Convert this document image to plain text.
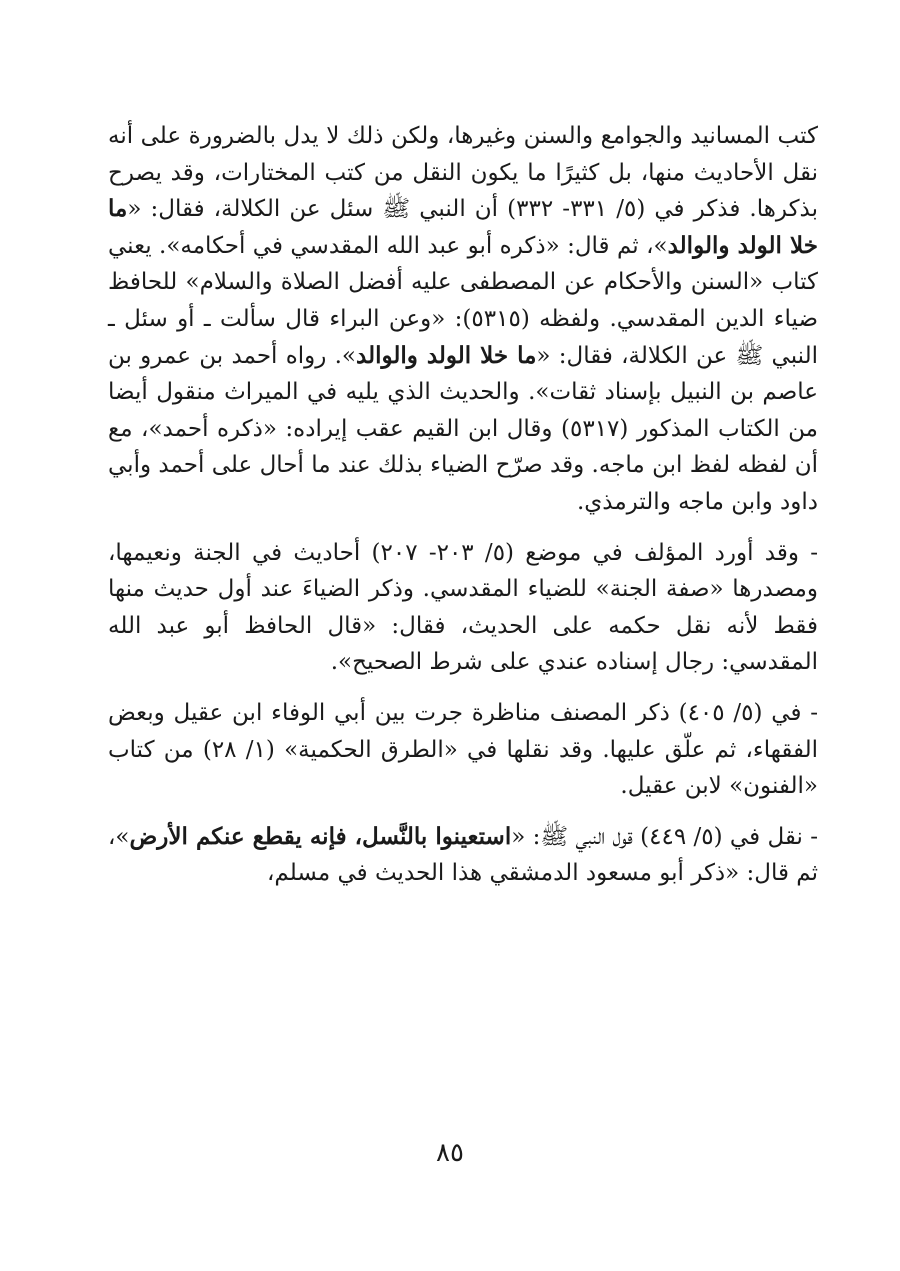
كتب المسانيد والجوامع والسنن وغيرها، ولكن ذلك لا يدل بالضرورة على أنه نقل الأحاديث منها، بل كثيرًا ما يكون النقل من كتب المختارات، وقد يصرح بذكرها. فذكر في (٥/ ٣٣١- ٣٣٢) أن النبي ﷺ سئل عن الكلالة، فقال: «ما خلا الولد والوالد»، ثم قال: «ذكره أبو عبد الله المقدسي في أحكامه». يعني كتاب «السنن والأحكام عن المصطفى عليه أفضل الصلاة والسلام» للحافظ ضياء الدين المقدسي. ولفظه (٥٣١٥): «وعن البراء قال سألت ـ أو سئل ـ النبي ﷺ عن الكلالة، فقال: «ما خلا الولد والوالد». رواه أحمد بن عمرو بن عاصم بن النبيل بإسناد ثقات». والحديث الذي يليه في الميراث منقول أيضا من الكتاب المذكور (٥٣١٧) وقال ابن القيم عقب إيراده: «ذكره أحمد»، مع أن لفظه لفظ ابن ماجه. وقد صرّح الضياء بذلك عند ما أحال على أحمد وأبي داود وابن ماجه والترمذي.

- وقد أورد المؤلف في موضع (٥/ ٢٠٣- ٢٠٧) أحاديث في الجنة ونعيمها، ومصدرها «صفة الجنة» للضياء المقدسي. وذكر الضياءَ عند أول حديث منها فقط لأنه نقل حكمه على الحديث، فقال: «قال الحافظ أبو عبد الله المقدسي: رجال إسناده عندي على شرط الصحيح».

- في (٥/ ٤٠٥) ذكر المصنف مناظرة جرت بين أبي الوفاء ابن عقيل وبعض الفقهاء، ثم علّق عليها. وقد نقلها في «الطرق الحكمية» (١/ ٢٨) من كتاب «الفنون» لابن عقيل.

- نقل في (٥/ ٤٤٩) قول النبي ﷺ: «استعينوا بالنَّسل، فإنه يقطع عنكم الأرض»، ثم قال: «ذكر أبو مسعود الدمشقي هذا الحديث في مسلم،

٨٥
